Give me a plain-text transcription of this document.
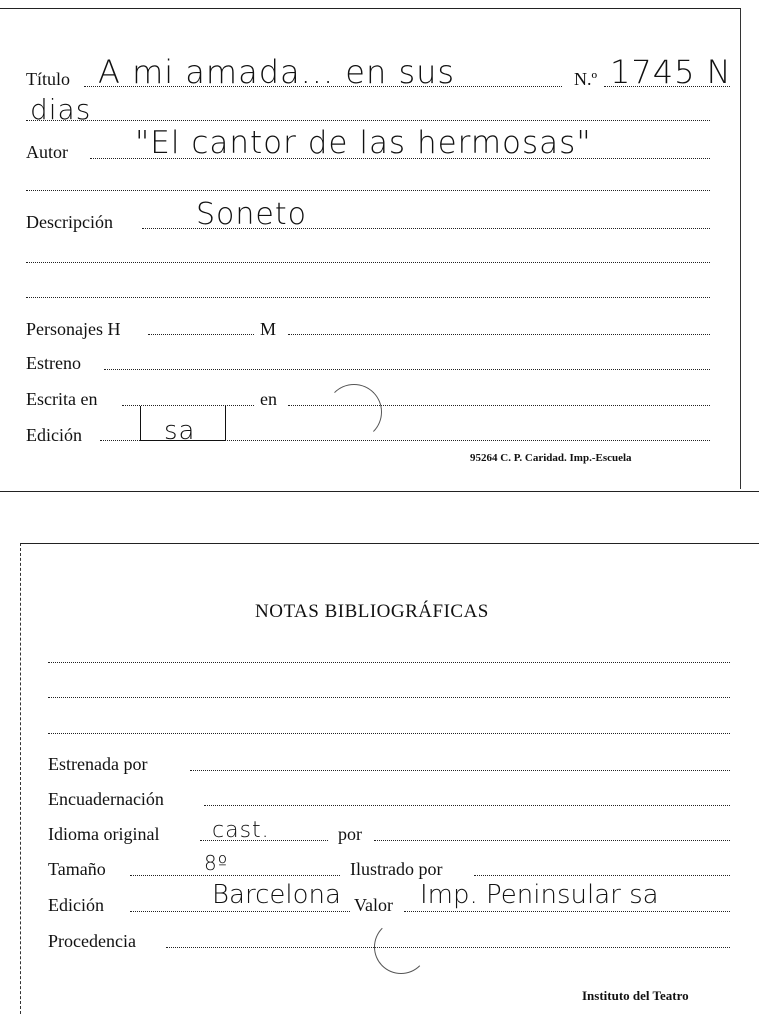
Título A mi amada... en sus	N.º 1745 N
dias
Autor "El cantor de las hermosas"
Descripción	Soneto
Personajes H	M
Estreno
Escrita en	en
Edición	sa
95264 C. P. Caridad. Imp.-Escuela
NOTAS BIBLIOGRÁFICAS
Estrenada por
Encuadernación
Idioma original cast.	por
Tamaño	8º	Ilustrado por
Edición	Barcelona Valor Imp. Peninsular sa
Procedencia
Instituto del Teatro
